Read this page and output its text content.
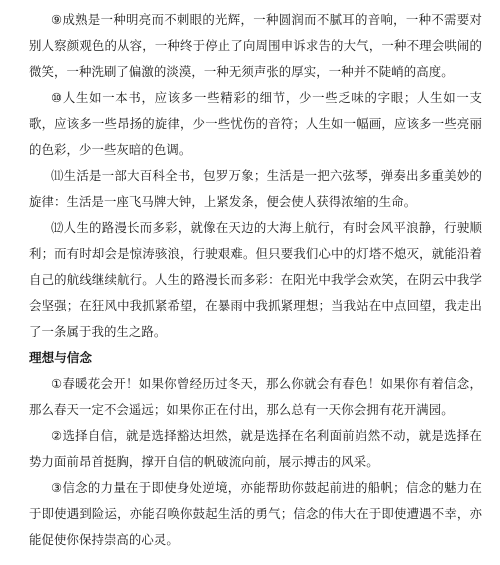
⑨成熟是一种明亮而不刺眼的光辉，一种圆润而不腻耳的音响，一种不需要对别人察颜观色的从容，一种终于停止了向周围申诉求告的大气，一种不理会哄闹的微笑，一种洗刷了偏激的淡漠，一种无须声张的厚实，一种并不陡峭的高度。

⑩人生如一本书，应该多一些精彩的细节，少一些乏味的字眼；人生如一支歌，应该多一些昂扬的旋律，少一些忧伤的音符；人生如一幅画，应该多一些亮丽的色彩，少一些灰暗的色调。

⑾生活是一部大百科全书，包罗万象；生活是一把六弦琴，弹奏出多重美妙的旋律：生活是一座飞马牌大钟，上紧发条，便会使人获得浓缩的生命。

⑿人生的路漫长而多彩，就像在天边的大海上航行，有时会风平浪静，行驶顺利；而有时却会是惊涛骇浪，行驶艰难。但只要我们心中的灯塔不熄灭，就能沿着自己的航线继续航行。人生的路漫长而多彩：在阳光中我学会欢笑，在阴云中我学会坚强；在狂风中我抓紧希望，在暴雨中我抓紧理想；当我站在中点回望，我走出了一条属于我的生之路。

理想与信念

①春暖花会开！如果你曾经历过冬天，那么你就会有春色！如果你有着信念，那么春天一定不会遥远；如果你正在付出，那么总有一天你会拥有花开满园。

②选择自信，就是选择豁达坦然，就是选择在名利面前岿然不动，就是选择在势力面前昂首挺胸，撑开自信的帆破流向前，展示搏击的风采。

③信念的力量在于即使身处逆境，亦能帮助你鼓起前进的船帆；信念的魅力在于即使遇到险运，亦能召唤你鼓起生活的勇气；信念的伟大在于即使遭遇不幸，亦能促使你保持崇高的心灵。
